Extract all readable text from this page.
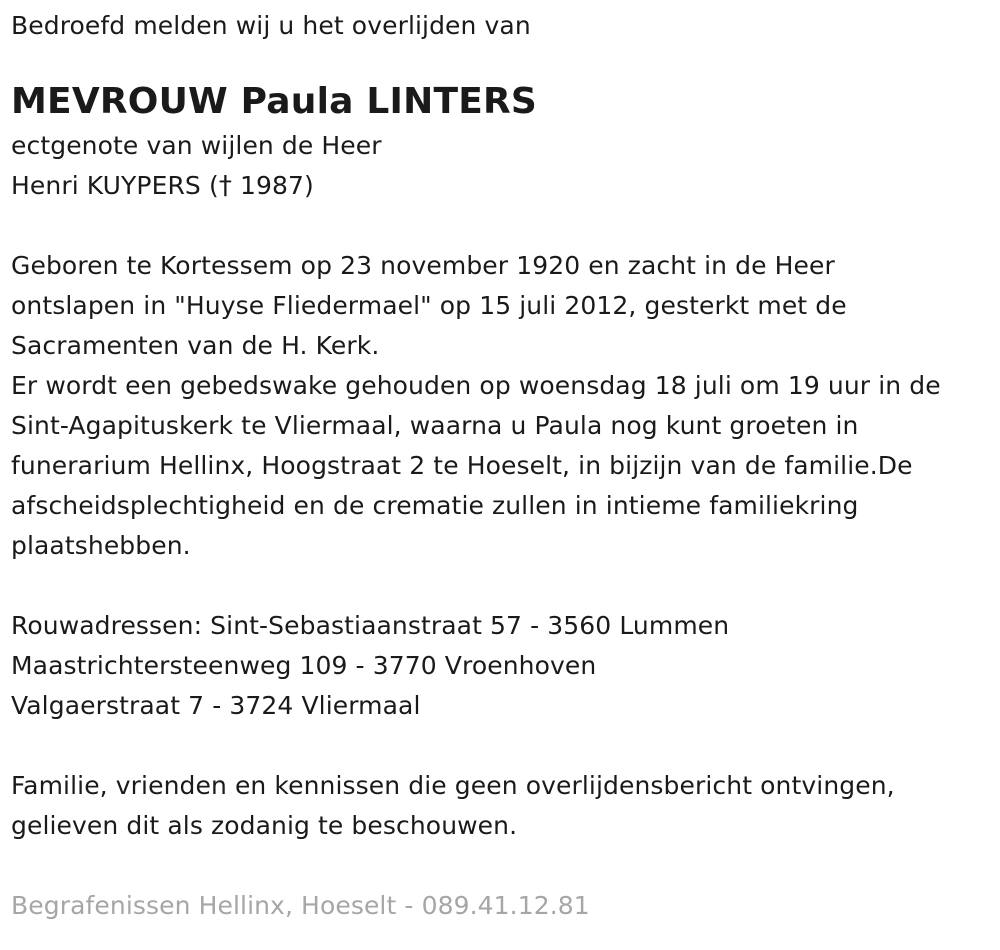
Bedroefd melden wij u het overlijden van
MEVROUW Paula LINTERS
ectgenote van wijlen de Heer
Henri KUYPERS († 1987)
Geboren te Kortessem op 23 november 1920 en zacht in de Heer
ontslapen in "Huyse Fliedermael" op 15 juli 2012, gesterkt met de
Sacramenten van de H. Kerk.
Er wordt een gebedswake gehouden op woensdag 18 juli om 19 uur in de
Sint-Agapituskerk te Vliermaal, waarna u Paula nog kunt groeten in
funerarium Hellinx, Hoogstraat 2 te Hoeselt, in bijzijn van de familie.De
afscheidsplechtigheid en de crematie zullen in intieme familiekring
plaatshebben.
Rouwadressen: Sint-Sebastiaanstraat 57 - 3560 Lummen
Maastrichtersteenweg 109 - 3770 Vroenhoven
Valgaerstraat 7 - 3724 Vliermaal
Familie, vrienden en kennissen die geen overlijdensbericht ontvingen,
gelieven dit als zodanig te beschouwen.
Begrafenissen Hellinx, Hoeselt - 089.41.12.81
